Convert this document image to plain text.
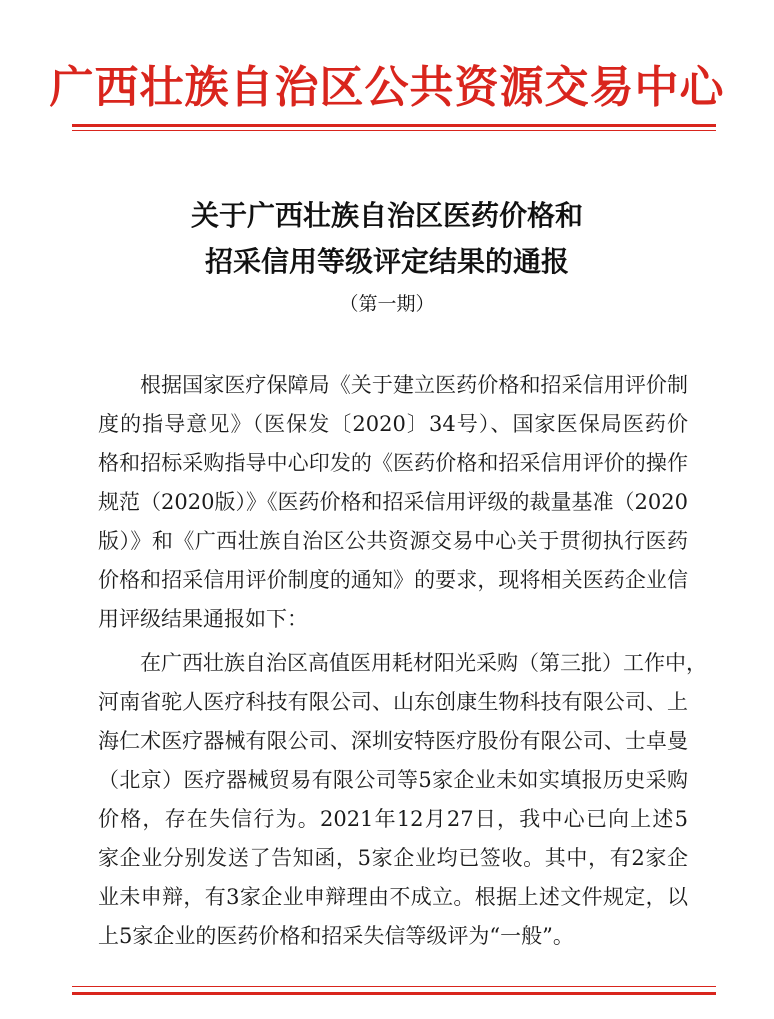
广西壮族自治区公共资源交易中心
关于广西壮族自治区医药价格和
招采信用等级评定结果的通报
（第一期）
根据国家医疗保障局《关于建立医药价格和招采信用评价制
度的指导意见》（医保发〔2020〕34号）、国家医保局医药价
格和招标采购指导中心印发的《医药价格和招采信用评价的操作
规范（2020版）》《医药价格和招采信用评级的裁量基准（2020
版）》和《广西壮族自治区公共资源交易中心关于贯彻执行医药
价格和招采信用评价制度的通知》的要求，现将相关医药企业信
用评级结果通报如下：
在广西壮族自治区高值医用耗材阳光采购（第三批）工作中，
河南省驼人医疗科技有限公司、山东创康生物科技有限公司、上
海仁术医疗器械有限公司、深圳安特医疗股份有限公司、士卓曼
（北京）医疗器械贸易有限公司等5家企业未如实填报历史采购
价格，存在失信行为。2021年12月27日，我中心已向上述5
家企业分别发送了告知函，5家企业均已签收。其中，有2家企
业未申辩，有3家企业申辩理由不成立。根据上述文件规定，以
上5家企业的医药价格和招采失信等级评为“一般”。
